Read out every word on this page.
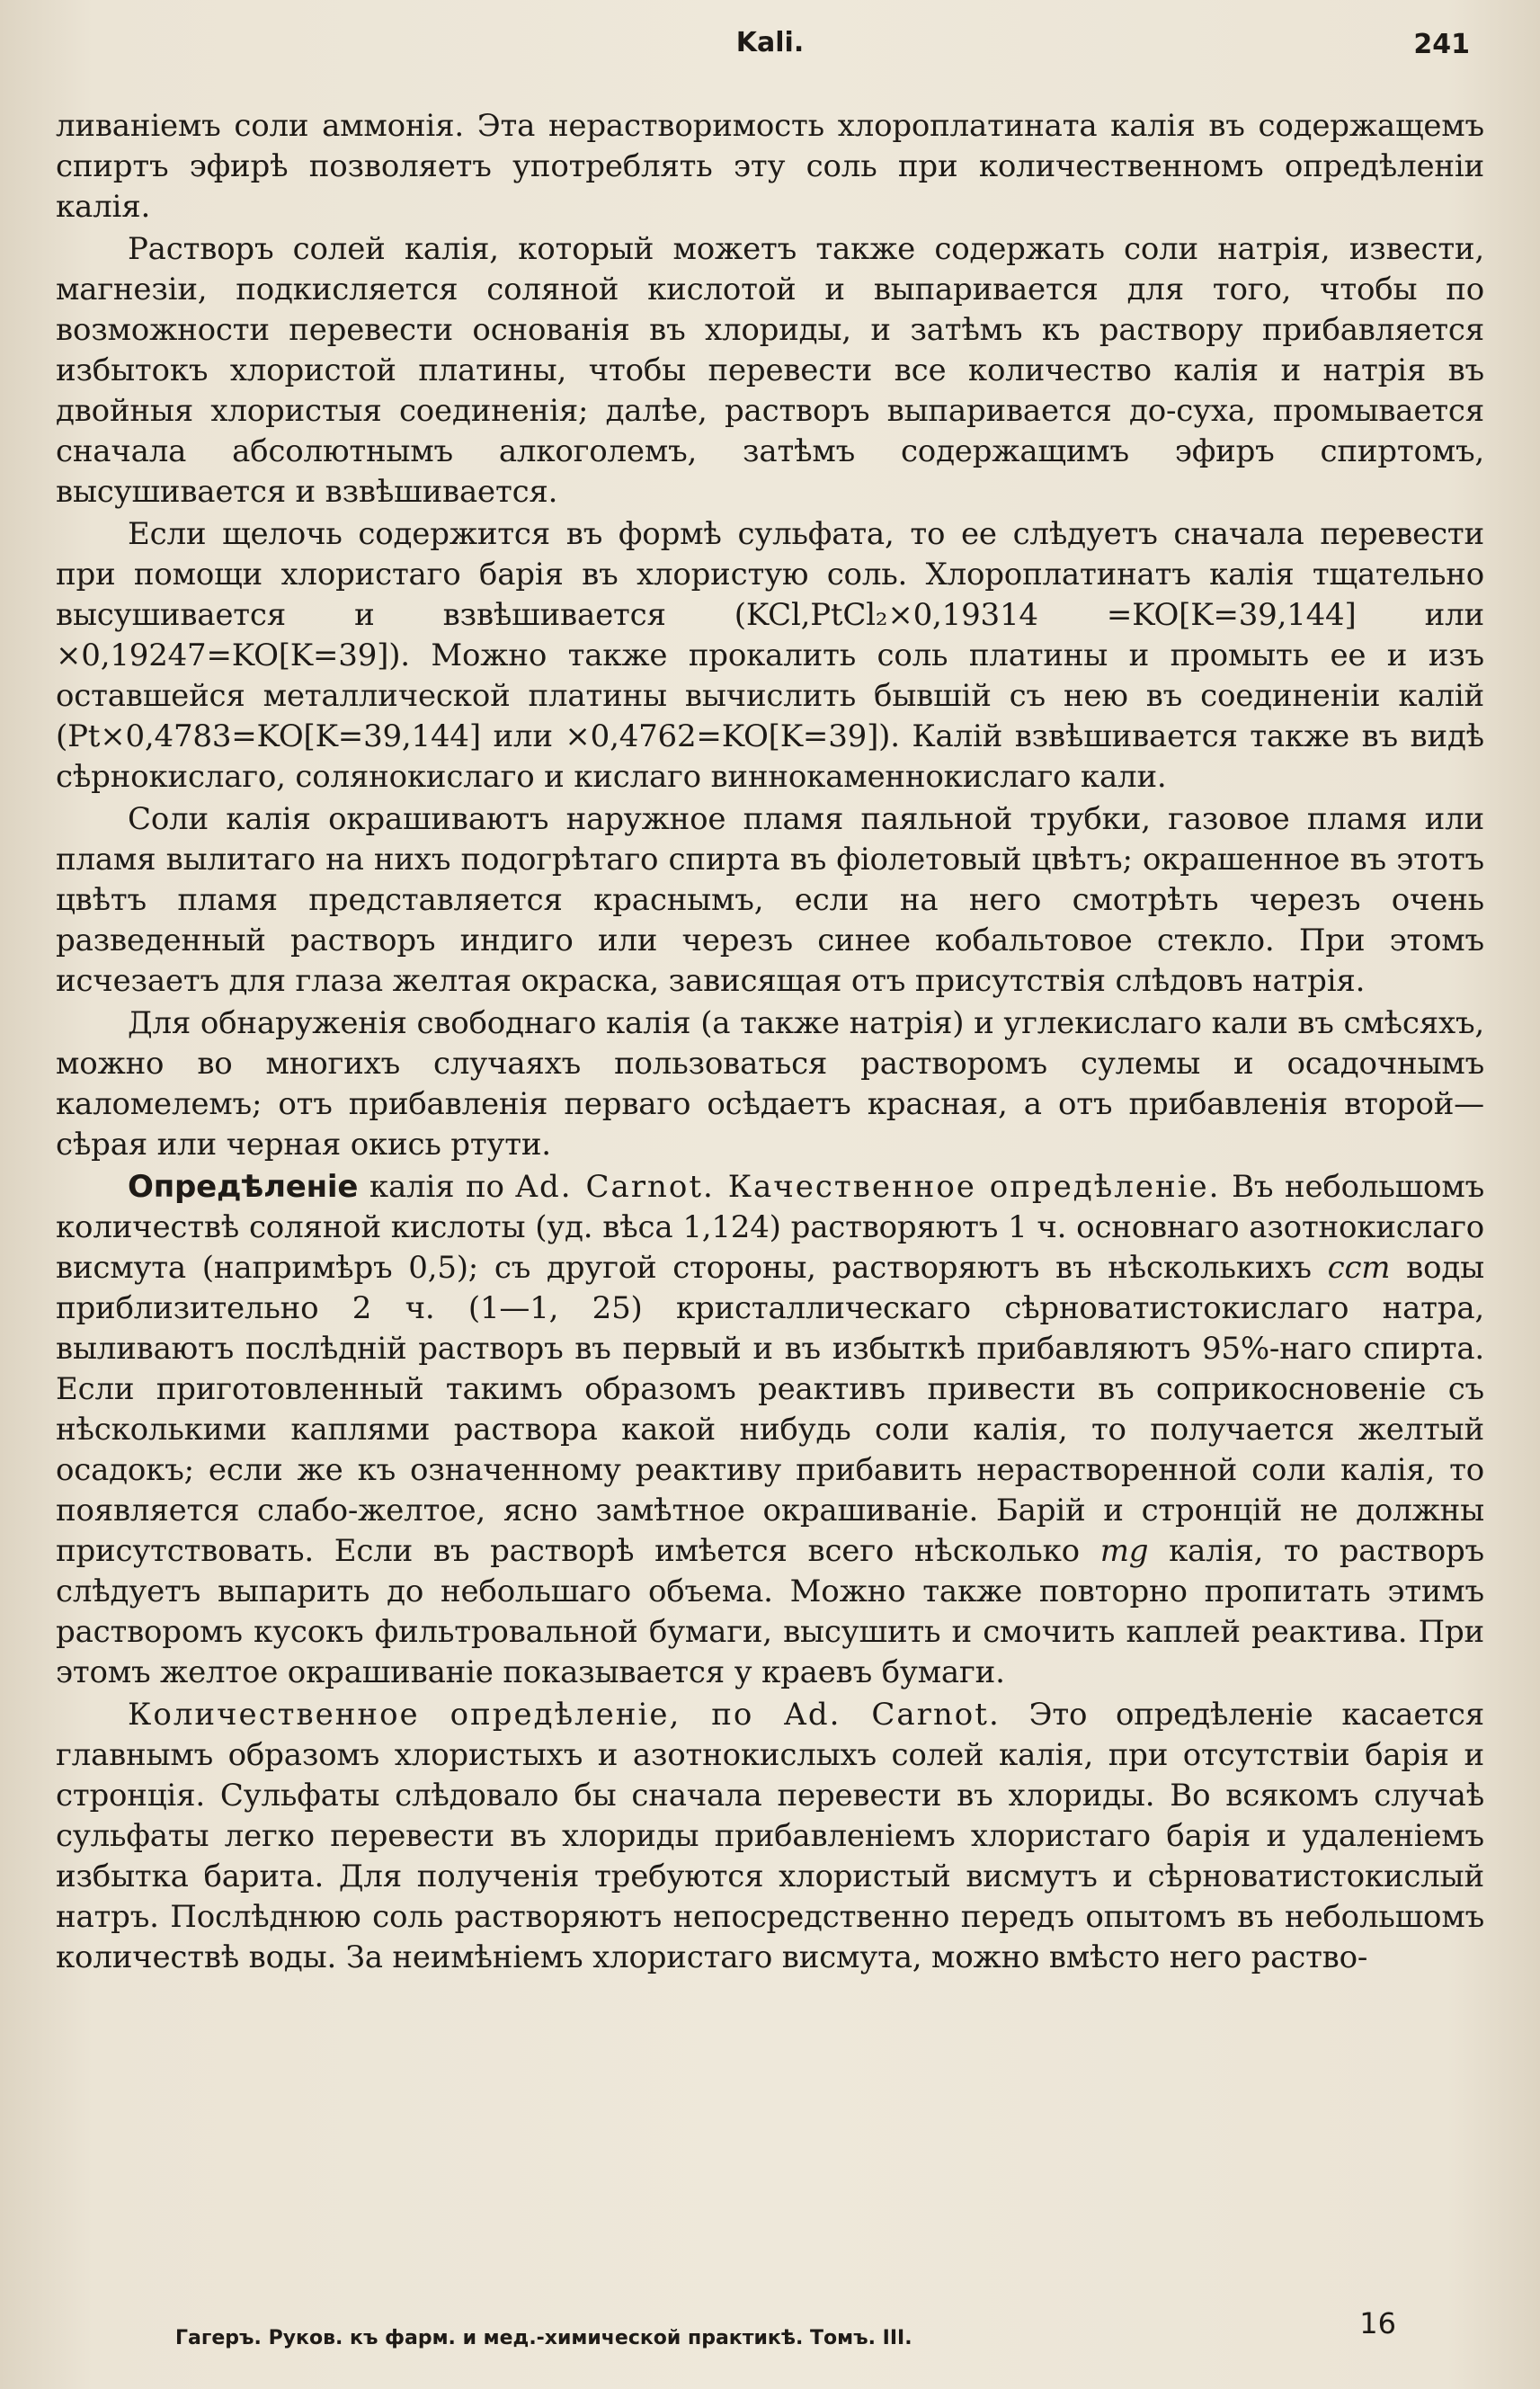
Kali.	241

ливаніемъ соли аммонія. Эта нерастворимость хлороплатината калія въ содержащемъ спиртъ эфирѣ позволяетъ употреблять эту соль при количественномъ опредѣленіи калія.

Растворъ солей калія, который можетъ также содержать соли натрія, извести, магнезіи, подкисляется соляной кислотой и выпаривается для того, чтобы по возможности перевести основанія въ хлориды, и затѣмъ къ раствору прибавляется избытокъ хлористой платины, чтобы перевести все количество калія и натрія въ двойныя хлористыя соединенія; далѣе, растворъ выпаривается до-суха, промывается сначала абсолютнымъ алкоголемъ, затѣмъ содержащимъ эфиръ спиртомъ, высушивается и взвѣшивается.

Если щелочь содержится въ формѣ сульфата, то ее слѣдуетъ сначала перевести при помощи хлористаго барія въ хлористую соль. Хлороплатинатъ калія тщательно высушивается и взвѣшивается (KCl,PtCl₂×0,19314 =KO[K=39,144] или ×0,19247=KO[K=39]). Можно также прокалить соль платины и промыть ее и изъ оставшейся металлической платины вычислить бывшій съ нею въ соединеніи калій (Pt×0,4783=KO[K=39,144] или ×0,4762=KO[K=39]). Калій взвѣшивается также въ видѣ сѣрнокислаго, солянокислаго и кислаго виннокаменнокислаго кали.

Соли калія окрашиваютъ наружное пламя паяльной трубки, газовое пламя или пламя вылитаго на нихъ подогрѣтаго спирта въ фіолетовый цвѣтъ; окрашенное въ этотъ цвѣтъ пламя представляется краснымъ, если на него смотрѣть черезъ очень разведенный растворъ индиго или черезъ синее кобальтовое стекло. При этомъ исчезаетъ для глаза желтая окраска, зависящая отъ присутствія слѣдовъ натрія.

Для обнаруженія свободнаго калія (а также натрія) и углекислаго кали въ смѣсяхъ, можно во многихъ случаяхъ пользоваться растворомъ сулемы и осадочнымъ каломелемъ; отъ прибавленія перваго осѣдаетъ красная, а отъ прибавленія второй—сѣрая или черная окись ртути.

Опредѣленіе калія по Ad. Carnot. Качественное опредѣленіе. Въ небольшомъ количествѣ соляной кислоты (уд. вѣса 1,124) растворяютъ 1 ч. основнаго азотнокислаго висмута (напримѣръ 0,5); съ другой стороны, растворяютъ въ нѣсколькихъ ccm воды приблизительно 2 ч. (1—1, 25) кристаллическаго сѣрноватистокислаго натра, выливаютъ послѣдній растворъ въ первый и въ избыткѣ прибавляютъ 95%-наго спирта. Если приготовленный такимъ образомъ реактивъ привести въ соприкосновеніе съ нѣсколькими каплями раствора какой нибудь соли калія, то получается желтый осадокъ; если же къ означенному реактиву прибавить нерастворенной соли калія, то появляется слабо-желтое, ясно замѣтное окрашиваніе. Барій и стронцій не должны присутствовать. Если въ растворѣ имѣется всего нѣсколько mg калія, то растворъ слѣдуетъ выпарить до небольшаго объема. Можно также повторно пропитать этимъ растворомъ кусокъ фильтровальной бумаги, высушить и смочить каплей реактива. При этомъ желтое окрашиваніе показывается у краевъ бумаги.

Количественное опредѣленіе, по Ad. Carnot. Это опредѣленіе касается главнымъ образомъ хлористыхъ и азотнокислыхъ солей калія, при отсутствіи барія и стронція. Сульфаты слѣдовало бы сначала перевести въ хлориды. Во всякомъ случаѣ сульфаты легко перевести въ хлориды прибавленіемъ хлористаго барія и удаленіемъ избытка барита. Для полученія требуются хлористый висмутъ и сѣрноватистокислый натръ. Послѣднюю соль растворяютъ непосредственно передъ опытомъ въ небольшомъ количествѣ воды. За неимѣніемъ хлористаго висмута, можно вмѣсто него раство-

Гагеръ. Руков. къ фарм. и мед.-химической практикѣ. Томъ. III.	16
